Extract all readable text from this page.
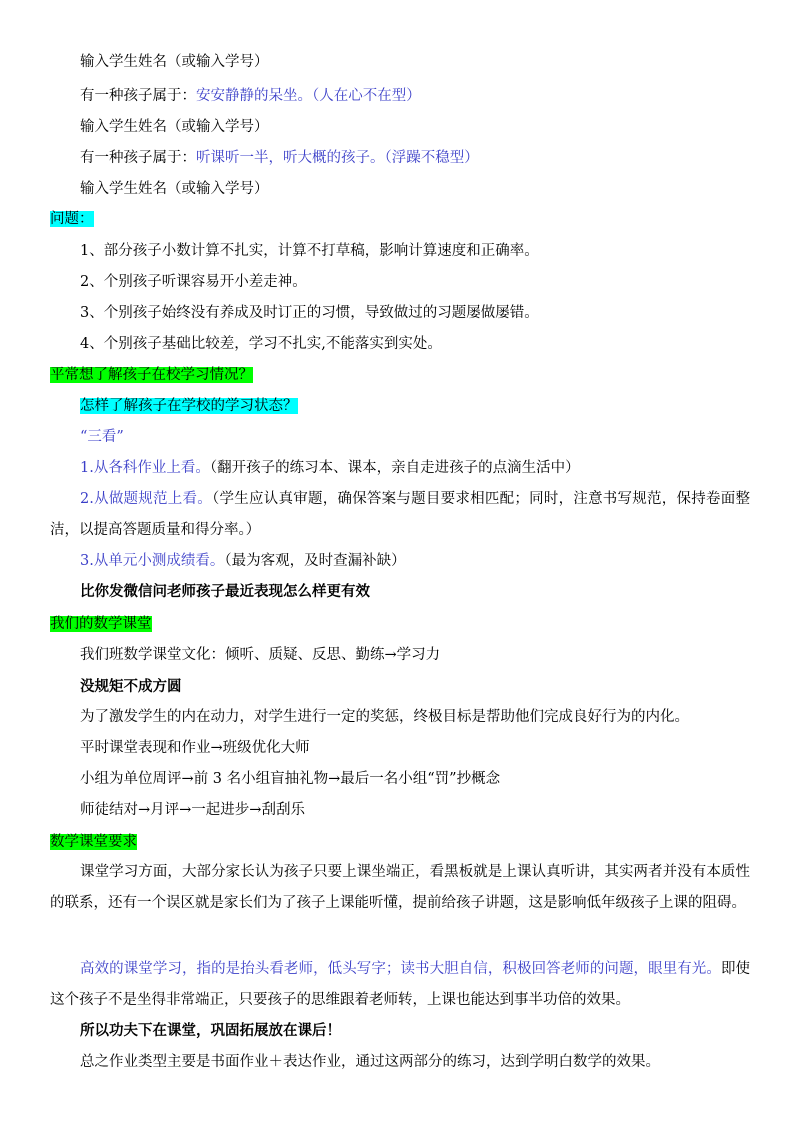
输入学生姓名（或输入学号）
有一种孩子属于：安安静静的呆坐。（人在心不在型）
输入学生姓名（或输入学号）
有一种孩子属于：听课听一半，听大概的孩子。（浮躁不稳型）
输入学生姓名（或输入学号）
问题：
1、部分孩子小数计算不扎实，计算不打草稿，影响计算速度和正确率。
2、个别孩子听课容易开小差走神。
3、个别孩子始终没有养成及时订正的习惯，导致做过的习题屡做屡错。
4、个别孩子基础比较差，学习不扎实,不能落实到实处。
平常想了解孩子在校学习情况？
怎样了解孩子在学校的学习状态？
“三看”
1.从各科作业上看。（翻开孩子的练习本、课本，亲自走进孩子的点滴生活中）
2.从做题规范上看。（学生应认真审题，确保答案与题目要求相匹配；同时，注意书写规范，保持卷面整洁，以提高答题质量和得分率。）
3.从单元小测成绩看。（最为客观，及时查漏补缺）
比你发微信问老师孩子最近表现怎么样更有效
我们的数学课堂
我们班数学课堂文化：倾听、质疑、反思、勤练→学习力
没规矩不成方圆
为了激发学生的内在动力，对学生进行一定的奖惩，终极目标是帮助他们完成良好行为的内化。
平时课堂表现和作业→班级优化大师
小组为单位周评→前 3 名小组盲抽礼物→最后一名小组“罚”抄概念
师徒结对→月评→一起进步→刮刮乐
数学课堂要求
课堂学习方面，大部分家长认为孩子只要上课坐端正，看黑板就是上课认真听讲，其实两者并没有本质性的联系，还有一个误区就是家长们为了孩子上课能听懂，提前给孩子讲题，这是影响低年级孩子上课的阻碍。
高效的课堂学习，指的是抬头看老师，低头写字；读书大胆自信，积极回答老师的问题，眼里有光。即使这个孩子不是坐得非常端正，只要孩子的思维跟着老师转，上课也能达到事半功倍的效果。
所以功夫下在课堂，巩固拓展放在课后！
总之作业类型主要是书面作业＋表达作业，通过这两部分的练习，达到学明白数学的效果。
